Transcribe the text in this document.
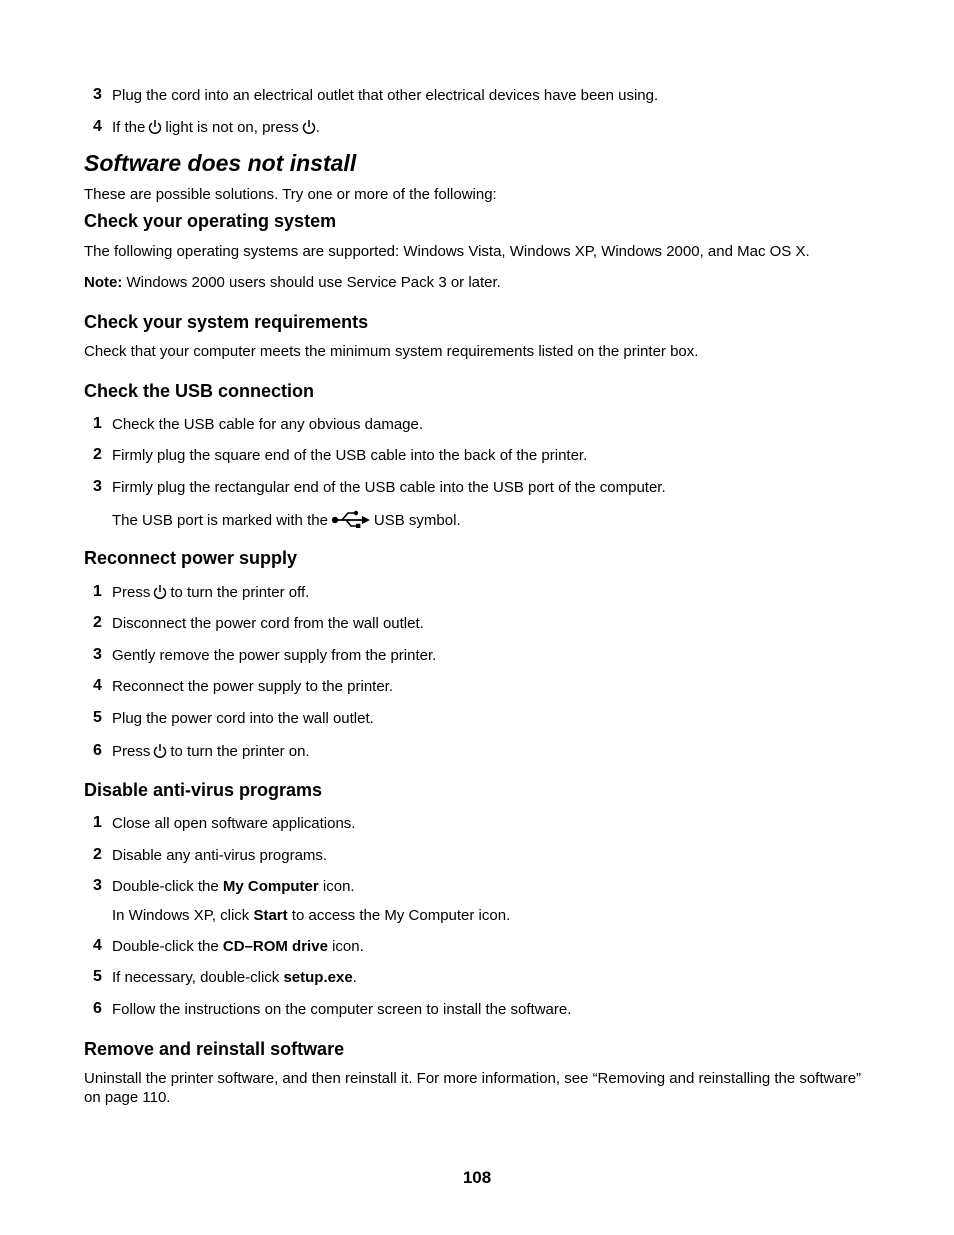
3 Plug the cord into an electrical outlet that other electrical devices have been using.
4 If the light is not on, press .
Software does not install
These are possible solutions. Try one or more of the following:
Check your operating system
The following operating systems are supported: Windows Vista, Windows XP, Windows 2000, and Mac OS X.
Note: Windows 2000 users should use Service Pack 3 or later.
Check your system requirements
Check that your computer meets the minimum system requirements listed on the printer box.
Check the USB connection
1 Check the USB cable for any obvious damage.
2 Firmly plug the square end of the USB cable into the back of the printer.
3 Firmly plug the rectangular end of the USB cable into the USB port of the computer.
The USB port is marked with the	USB symbol.
Reconnect power supply
1 Press to turn the printer off.
2 Disconnect the power cord from the wall outlet.
3 Gently remove the power supply from the printer.
4 Reconnect the power supply to the printer.
5 Plug the power cord into the wall outlet.
6 Press to turn the printer on.
Disable anti-virus programs
1 Close all open software applications.
2 Disable any anti-virus programs.
3 Double-click the My Computer icon.
In Windows XP, click Start to access the My Computer icon.
4 Double-click the CD–ROM drive icon.
5 If necessary, double-click setup.exe.
6 Follow the instructions on the computer screen to install the software.
Remove and reinstall software
Uninstall the printer software, and then reinstall it. For more information, see “Removing and reinstalling the software”
on page 110.
108
